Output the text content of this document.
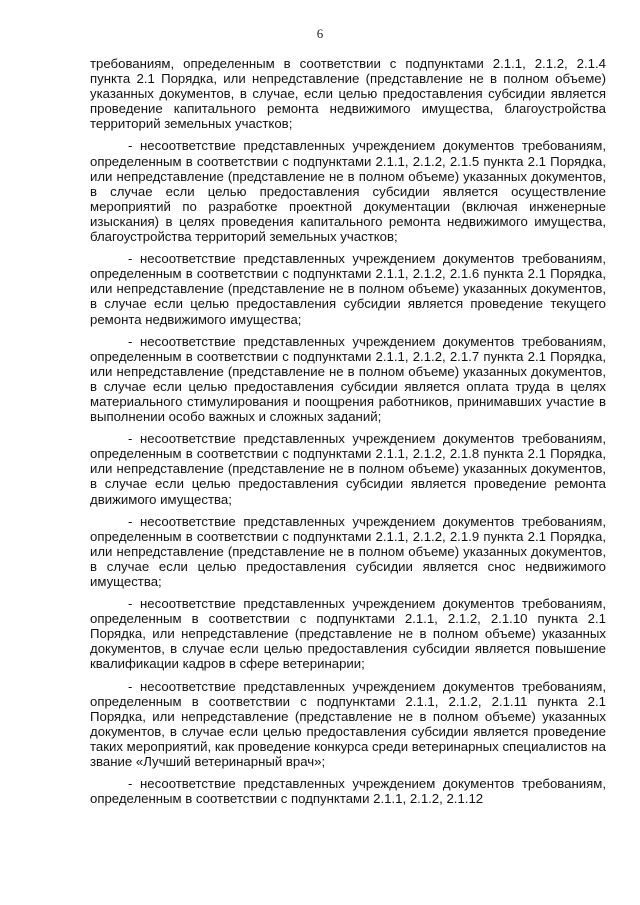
6

требованиям, определенным в соответствии с подпунктами 2.1.1, 2.1.2, 2.1.4 пункта 2.1 Порядка, или непредставление (представление не в полном объеме) указанных документов, в случае, если целью предоставления субсидии является проведение капитального ремонта недвижимого имущества, благоустройства территорий земельных участков;

- несоответствие представленных учреждением документов требованиям, определенным в соответствии с подпунктами 2.1.1, 2.1.2, 2.1.5 пункта 2.1 Порядка, или непредставление (представление не в полном объеме) указанных документов, в случае если целью предоставления субсидии является осуществление мероприятий по разработке проектной документации (включая инженерные изыскания) в целях проведения капитального ремонта недвижимого имущества, благоустройства территорий земельных участков;

- несоответствие представленных учреждением документов требованиям, определенным в соответствии с подпунктами 2.1.1, 2.1.2, 2.1.6 пункта 2.1 Порядка, или непредставление (представление не в полном объеме) указанных документов, в случае если целью предоставления субсидии является проведение текущего ремонта недвижимого имущества;

- несоответствие представленных учреждением документов требованиям, определенным в соответствии с подпунктами 2.1.1, 2.1.2, 2.1.7 пункта 2.1 Порядка, или непредставление (представление не в полном объеме) указанных документов, в случае если целью предоставления субсидии является оплата труда в целях материального стимулирования и поощрения работников, принимавших участие в выполнении особо важных и сложных заданий;

- несоответствие представленных учреждением документов требованиям, определенным в соответствии с подпунктами 2.1.1, 2.1.2, 2.1.8 пункта 2.1 Порядка, или непредставление (представление не в полном объеме) указанных документов, в случае если целью предоставления субсидии является проведение ремонта движимого имущества;

- несоответствие представленных учреждением документов требованиям, определенным в соответствии с подпунктами 2.1.1, 2.1.2, 2.1.9 пункта 2.1 Порядка, или непредставление (представление не в полном объеме) указанных документов, в случае если целью предоставления субсидии является снос недвижимого имущества;

- несоответствие представленных учреждением документов требованиям, определенным в соответствии с подпунктами 2.1.1, 2.1.2, 2.1.10 пункта 2.1 Порядка, или непредставление (представление не в полном объеме) указанных документов, в случае если целью предоставления субсидии является повышение квалификации кадров в сфере ветеринарии;

- несоответствие представленных учреждением документов требованиям, определенным в соответствии с подпунктами 2.1.1, 2.1.2, 2.1.11 пункта 2.1 Порядка, или непредставление (представление не в полном объеме) указанных документов, в случае если целью предоставления субсидии является проведение таких мероприятий, как проведение конкурса среди ветеринарных специалистов на звание «Лучший ветеринарный врач»;

- несоответствие представленных учреждением документов требованиям, определенным в соответствии с подпунктами 2.1.1, 2.1.2, 2.1.12
